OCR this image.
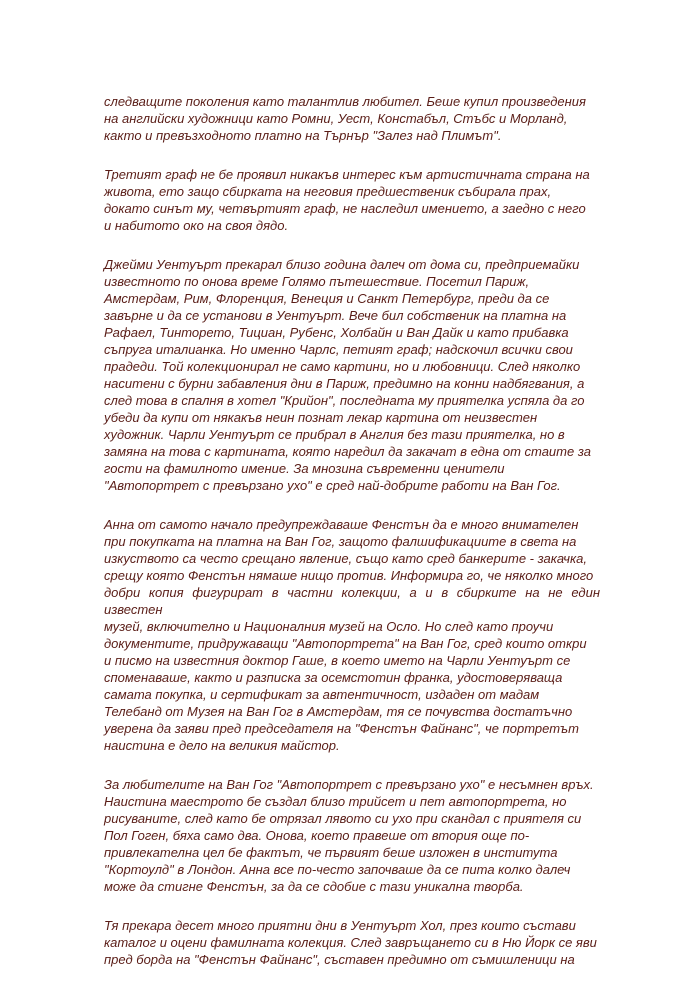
следващите поколения като талантлив любител. Беше купил произведения
на английски художници като Ромни, Уест, Констабъл, Стъбс и Морланд,
както и превъзходното платно на Търнър "Залез над Плимът".

Третият граф не бе проявил никакъв интерес към артистичната страна на
живота, ето защо сбирката на неговия предшественик събирала прах,
докато синът му, четвъртият граф, не наследил имението, а заедно с него
и набитото око на своя дядо.

Джейми Уентуърт прекарал близо година далеч от дома си, предприемайки
известното по онова време Голямо пътешествие. Посетил Париж,
Амстердам, Рим, Флоренция, Венеция и Санкт Петербург, преди да се
завърне и да се установи в Уентуърт. Вече бил собственик на платна на
Рафаел, Тинторето, Тициан, Рубенс, Холбайн и Ван Дайк и като прибавка
съпруга италианка. Но именно Чарлс, петият граф; надскочил всички свои
прадеди. Той колекционирал не само картини, но и любовници. След няколко
наситени с бурни забавления дни в Париж, предимно на конни надбягвания, а
след това в спалня в хотел "Крийон", последната му приятелка успяла да го
убеди да купи от някакъв неин познат лекар картина от неизвестен
художник. Чарли Уентуърт се прибрал в Англия без тази приятелка, но в
замяна на това с картината, която наредил да закачат в една от стаите за
гости на фамилното имение. За мнозина съвременни ценители
"Автопортрет с превързано ухо" е сред най-добрите работи на Ван Гог.

Анна от самото начало предупреждаваше Фенстън да е много внимателен
при покупката на платна на Ван Гог, защото фалшификациите в света на
изкуството са често срещано явление, също като сред банкерите - закачка,
срещу която Фенстън нямаше нищо против. Информира го, че няколко много
добри копия фигурират в частни колекции, а и в сбирките на не един известен
музей, включително и Националния музей на Осло. Но след като проучи
документите, придружаващи "Автопортрета" на Ван Гог, сред които откри
и писмо на известния доктор Гаше, в което името на Чарли Уентуърт се
споменаваше, както и разписка за осемстотин франка, удостоверяваща
самата покупка, и сертификат за автентичност, издаден от мадам
Телебанд от Музея на Ван Гог в Амстердам, тя се почувства достатъчно
уверена да заяви пред председателя на "Фенстън Файнанс", че портретът
наистина е дело на великия майстор.

За любителите на Ван Гог "Автопортрет с превързано ухо" е несъмнен връх.
Наистина маестрото бе създал близо трийсет и пет автопортрета, но
рисуваните, след като бе отрязал лявото си ухо при скандал с приятеля си
Пол Гоген, бяха само два. Онова, което правеше от втория още по-
привлекателна цел бе фактът, че първият беше изложен в института
"Кортоулд" в Лондон. Анна все по-често започваше да се пита колко далеч
може да стигне Фенстън, за да се сдобие с тази уникална творба.

Тя прекара десет много приятни дни в Уентуърт Хол, през които състави
каталог и оцени фамилната колекция. След завръщането си в Ню Йорк се яви
пред борда на "Фенстън Файнанс", съставен предимно от съмишленици на
